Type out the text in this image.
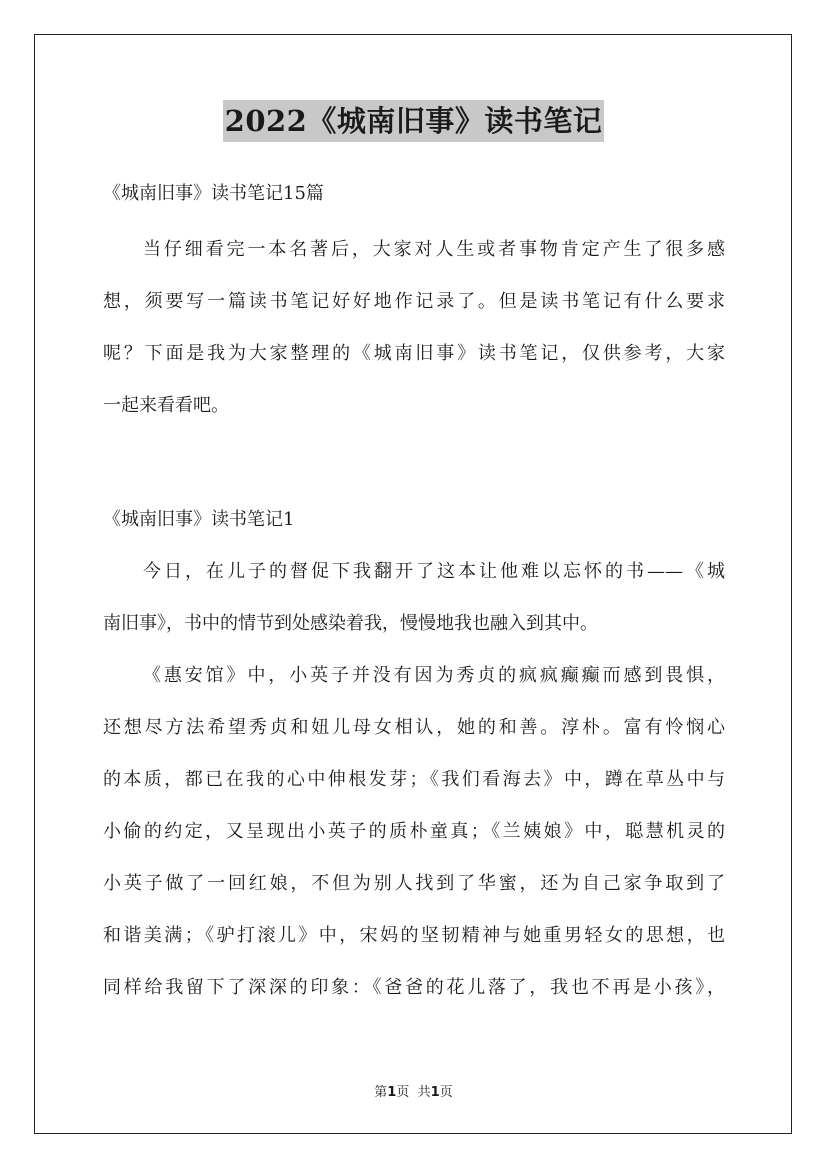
2022《城南旧事》读书笔记
《城南旧事》读书笔记15篇
当仔细看完一本名著后，大家对人生或者事物肯定产生了很多感
想，须要写一篇读书笔记好好地作记录了。但是读书笔记有什么要求
呢？下面是我为大家整理的《城南旧事》读书笔记，仅供参考，大家
一起来看看吧。
《城南旧事》读书笔记1
今日，在儿子的督促下我翻开了这本让他难以忘怀的书——《城
南旧事》，书中的情节到处感染着我，慢慢地我也融入到其中。
《惠安馆》中，小英子并没有因为秀贞的疯疯癫癫而感到畏惧，
还想尽方法希望秀贞和妞儿母女相认，她的和善。淳朴。富有怜悯心
的本质，都已在我的心中伸根发芽；《我们看海去》中，蹲在草丛中与
小偷的约定，又呈现出小英子的质朴童真；《兰姨娘》中，聪慧机灵的
小英子做了一回红娘，不但为别人找到了华蜜，还为自己家争取到了
和谐美满；《驴打滚儿》中，宋妈的坚韧精神与她重男轻女的思想，也
同样给我留下了深深的印象：《爸爸的花儿落了，我也不再是小孩》，
第1页 共1页
